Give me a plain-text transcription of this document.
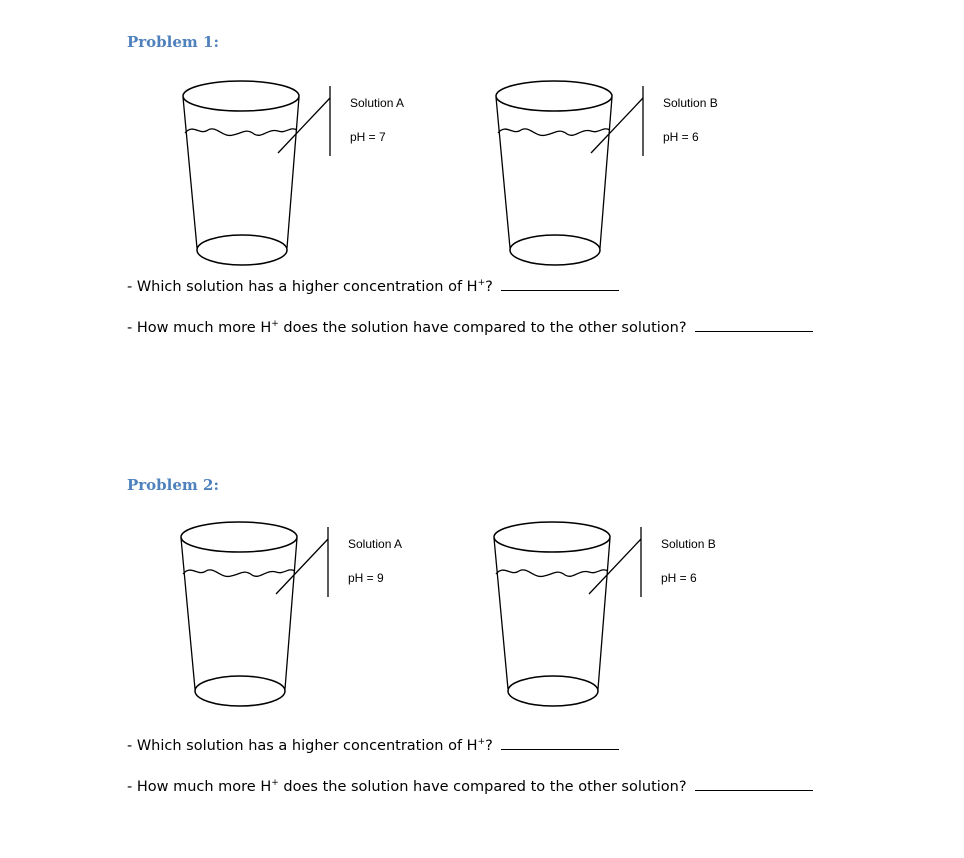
Problem 1:
Solution A
pH = 7
Solution B
pH = 6
- Which solution has a higher concentration of H+?
- How much more H+ does the solution have compared to the other solution?
Problem 2:
Solution A
pH = 9
Solution B
pH = 6
- Which solution has a higher concentration of H+?
- How much more H+ does the solution have compared to the other solution?
